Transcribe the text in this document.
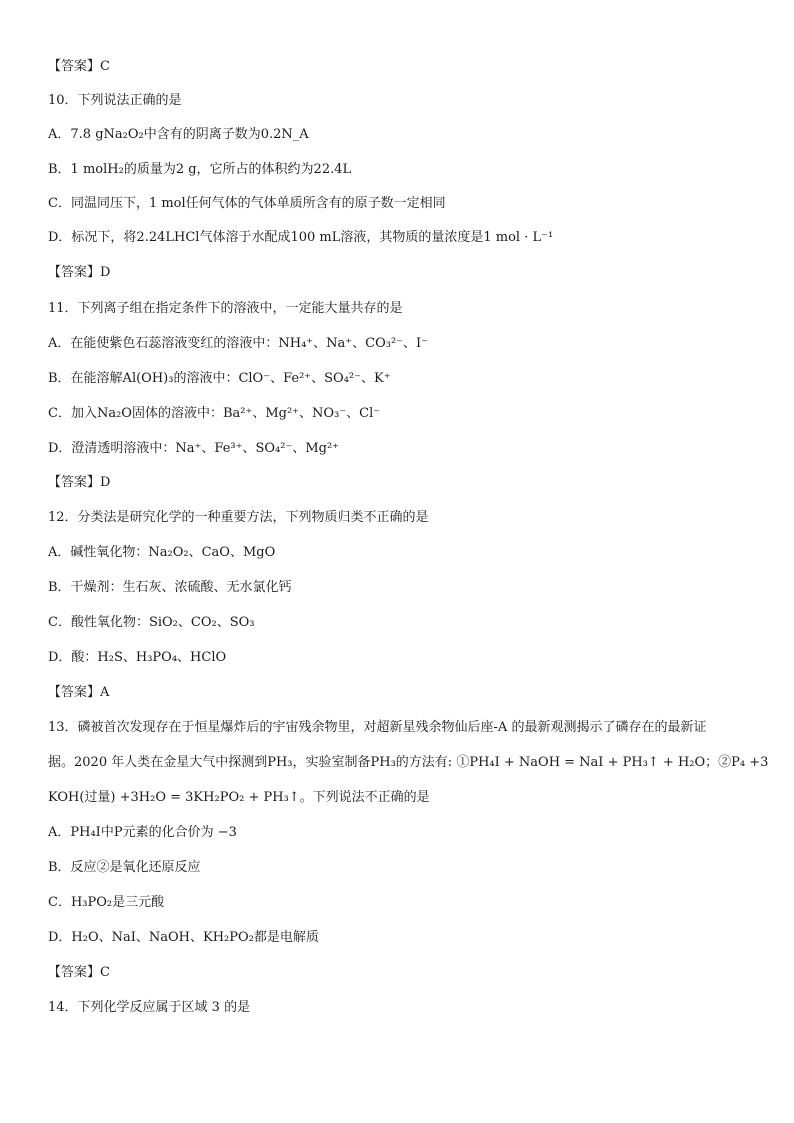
【答案】C
10．下列说法正确的是
A．7.8 gNa₂O₂中含有的阴离子数为0.2N_A
B．1 molH₂的质量为2 g，它所占的体积约为22.4L
C．同温同压下，1 mol任何气体的气体单质所含有的原子数一定相同
D．标况下，将2.24LHCl气体溶于水配成100 mL溶液，其物质的量浓度是1 mol · L⁻¹
【答案】D
11．下列离子组在指定条件下的溶液中，一定能大量共存的是
A．在能使紫色石蕊溶液变红的溶液中：NH₄⁺、Na⁺、CO₃²⁻、I⁻
B．在能溶解Al(OH)₃的溶液中：ClO⁻、Fe²⁺、SO₄²⁻、K⁺
C．加入Na₂O固体的溶液中：Ba²⁺、Mg²⁺、NO₃⁻、Cl⁻
D．澄清透明溶液中：Na⁺、Fe³⁺、SO₄²⁻、Mg²⁺
【答案】D
12．分类法是研究化学的一种重要方法，下列物质归类不正确的是
A．碱性氧化物：Na₂O₂、CaO、MgO
B．干燥剂：生石灰、浓硫酸、无水氯化钙
C．酸性氧化物：SiO₂、CO₂、SO₃
D．酸：H₂S、H₃PO₄、HClO
【答案】A
13．磷被首次发现存在于恒星爆炸后的宇宙残余物里，对超新星残余物仙后座-A 的最新观测揭示了磷存在的最新证
据。2020 年人类在金星大气中探测到PH₃，实验室制备PH₃的方法有: ①PH₄I + NaOH = NaI + PH₃↑ + H₂O；②P₄ +3
KOH(过量) +3H₂O = 3KH₂PO₂ + PH₃↑。下列说法不正确的是
A．PH₄I中P元素的化合价为 −3
B．反应②是氧化还原反应
C．H₃PO₂是三元酸
D．H₂O、NaI、NaOH、KH₂PO₂都是电解质
【答案】C
14．下列化学反应属于区域 3 的是
